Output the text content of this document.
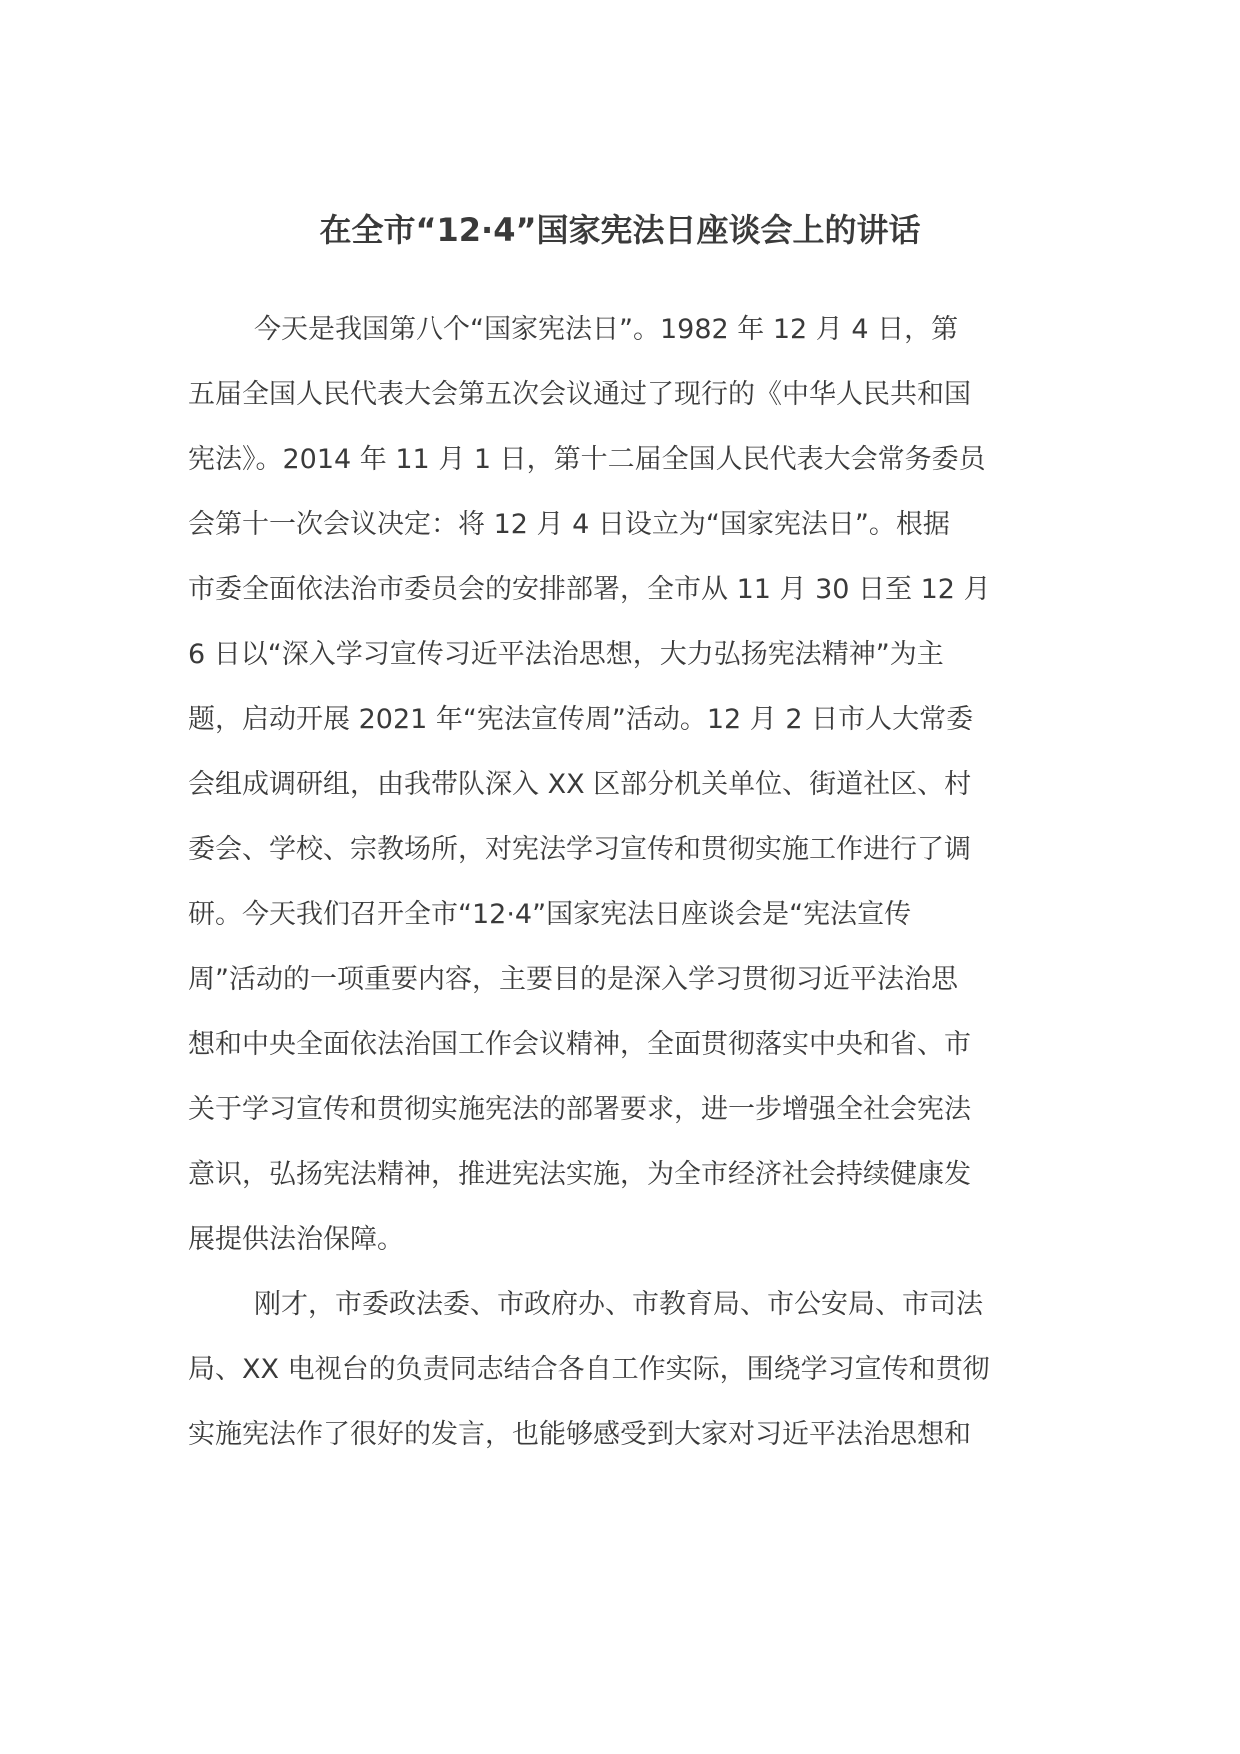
在全市“12·4”国家宪法日座谈会上的讲话
今天是我国第八个“国家宪法日”。1982 年 12 月 4 日，第
五届全国人民代表大会第五次会议通过了现行的《中华人民共和国
宪法》。2014 年 11 月 1 日，第十二届全国人民代表大会常务委员
会第十一次会议决定：将 12 月 4 日设立为“国家宪法日”。根据
市委全面依法治市委员会的安排部署，全市从 11 月 30 日至 12 月
6 日以“深入学习宣传习近平法治思想，大力弘扬宪法精神”为主
题，启动开展 2021 年“宪法宣传周”活动。12 月 2 日市人大常委
会组成调研组，由我带队深入 XX 区部分机关单位、街道社区、村
委会、学校、宗教场所，对宪法学习宣传和贯彻实施工作进行了调
研。今天我们召开全市“12·4”国家宪法日座谈会是“宪法宣传
周”活动的一项重要内容，主要目的是深入学习贯彻习近平法治思
想和中央全面依法治国工作会议精神，全面贯彻落实中央和省、市
关于学习宣传和贯彻实施宪法的部署要求，进一步增强全社会宪法
意识，弘扬宪法精神，推进宪法实施，为全市经济社会持续健康发
展提供法治保障。
刚才，市委政法委、市政府办、市教育局、市公安局、市司法
局、XX 电视台的负责同志结合各自工作实际，围绕学习宣传和贯彻
实施宪法作了很好的发言，也能够感受到大家对习近平法治思想和
